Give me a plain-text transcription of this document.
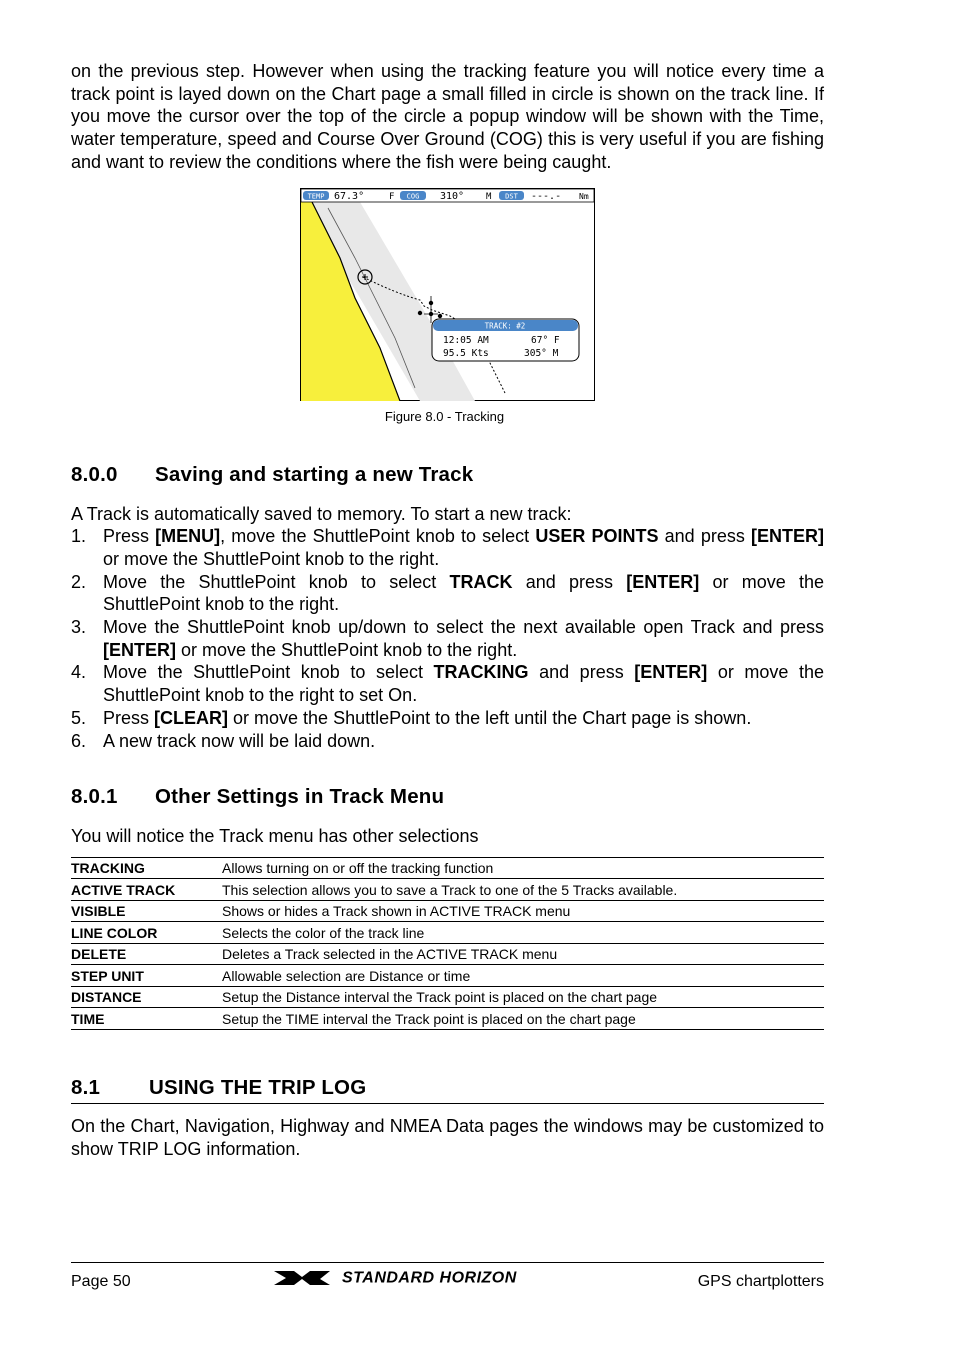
on the previous step. However when using the tracking feature you will notice every time a track point is layed down on the Chart page a small filled in circle is shown on the track line. If you move the cursor over the top of the circle a popup window will be shown with the Time, water temperature, speed and Course Over Ground (COG) this is very useful if you are fishing and want to review the conditions where the fish were being caught.

TEMP 67.3°	F COG 310° M DST ---.- Nm
TRACK: #2
12:05 AM	67° F
95.5 Kts	305° M
Figure 8.0 - Tracking
8.0.0 Saving and starting a new Track

A Track is automatically saved to memory. To start a new track:

1. Press [MENU], move the ShuttlePoint knob to select USER POINTS and press [ENTER] or move the ShuttlePoint knob to the right.
2. Move the ShuttlePoint knob to select TRACK and press [ENTER] or move the ShuttlePoint knob to the right.
3. Move the ShuttlePoint knob up/down to select the next available open Track and press [ENTER] or move the ShuttlePoint knob to the right.
4. Move the ShuttlePoint knob to select TRACKING and press [ENTER] or move the ShuttlePoint knob to the right to set On.
5. Press [CLEAR] or move the ShuttlePoint to the left until the Chart page is shown.
6. A new track now will be laid down.
8.0.1 Other Settings in Track Menu

You will notice the Track menu has other selections

TRACKING	Allows turning on or off the tracking function
ACTIVE TRACK	This selection allows you to save a Track to one of the 5 Tracks available.
VISIBLE	Shows or hides a Track shown in ACTIVE TRACK menu
LINE COLOR	Selects the color of the track line
DELETE	Deletes a Track selected in the ACTIVE TRACK menu
STEP UNIT	Allowable selection are Distance or time
DISTANCE	Setup the Distance interval the Track point is placed on the chart page
TIME	Setup the TIME interval the Track point is placed on the chart page
8.1 USING THE TRIP LOG

On the Chart, Navigation, Highway and NMEA Data pages the windows may be customized to show TRIP LOG information.

Page 50	STANDARD HORIZON	GPS chartplotters
